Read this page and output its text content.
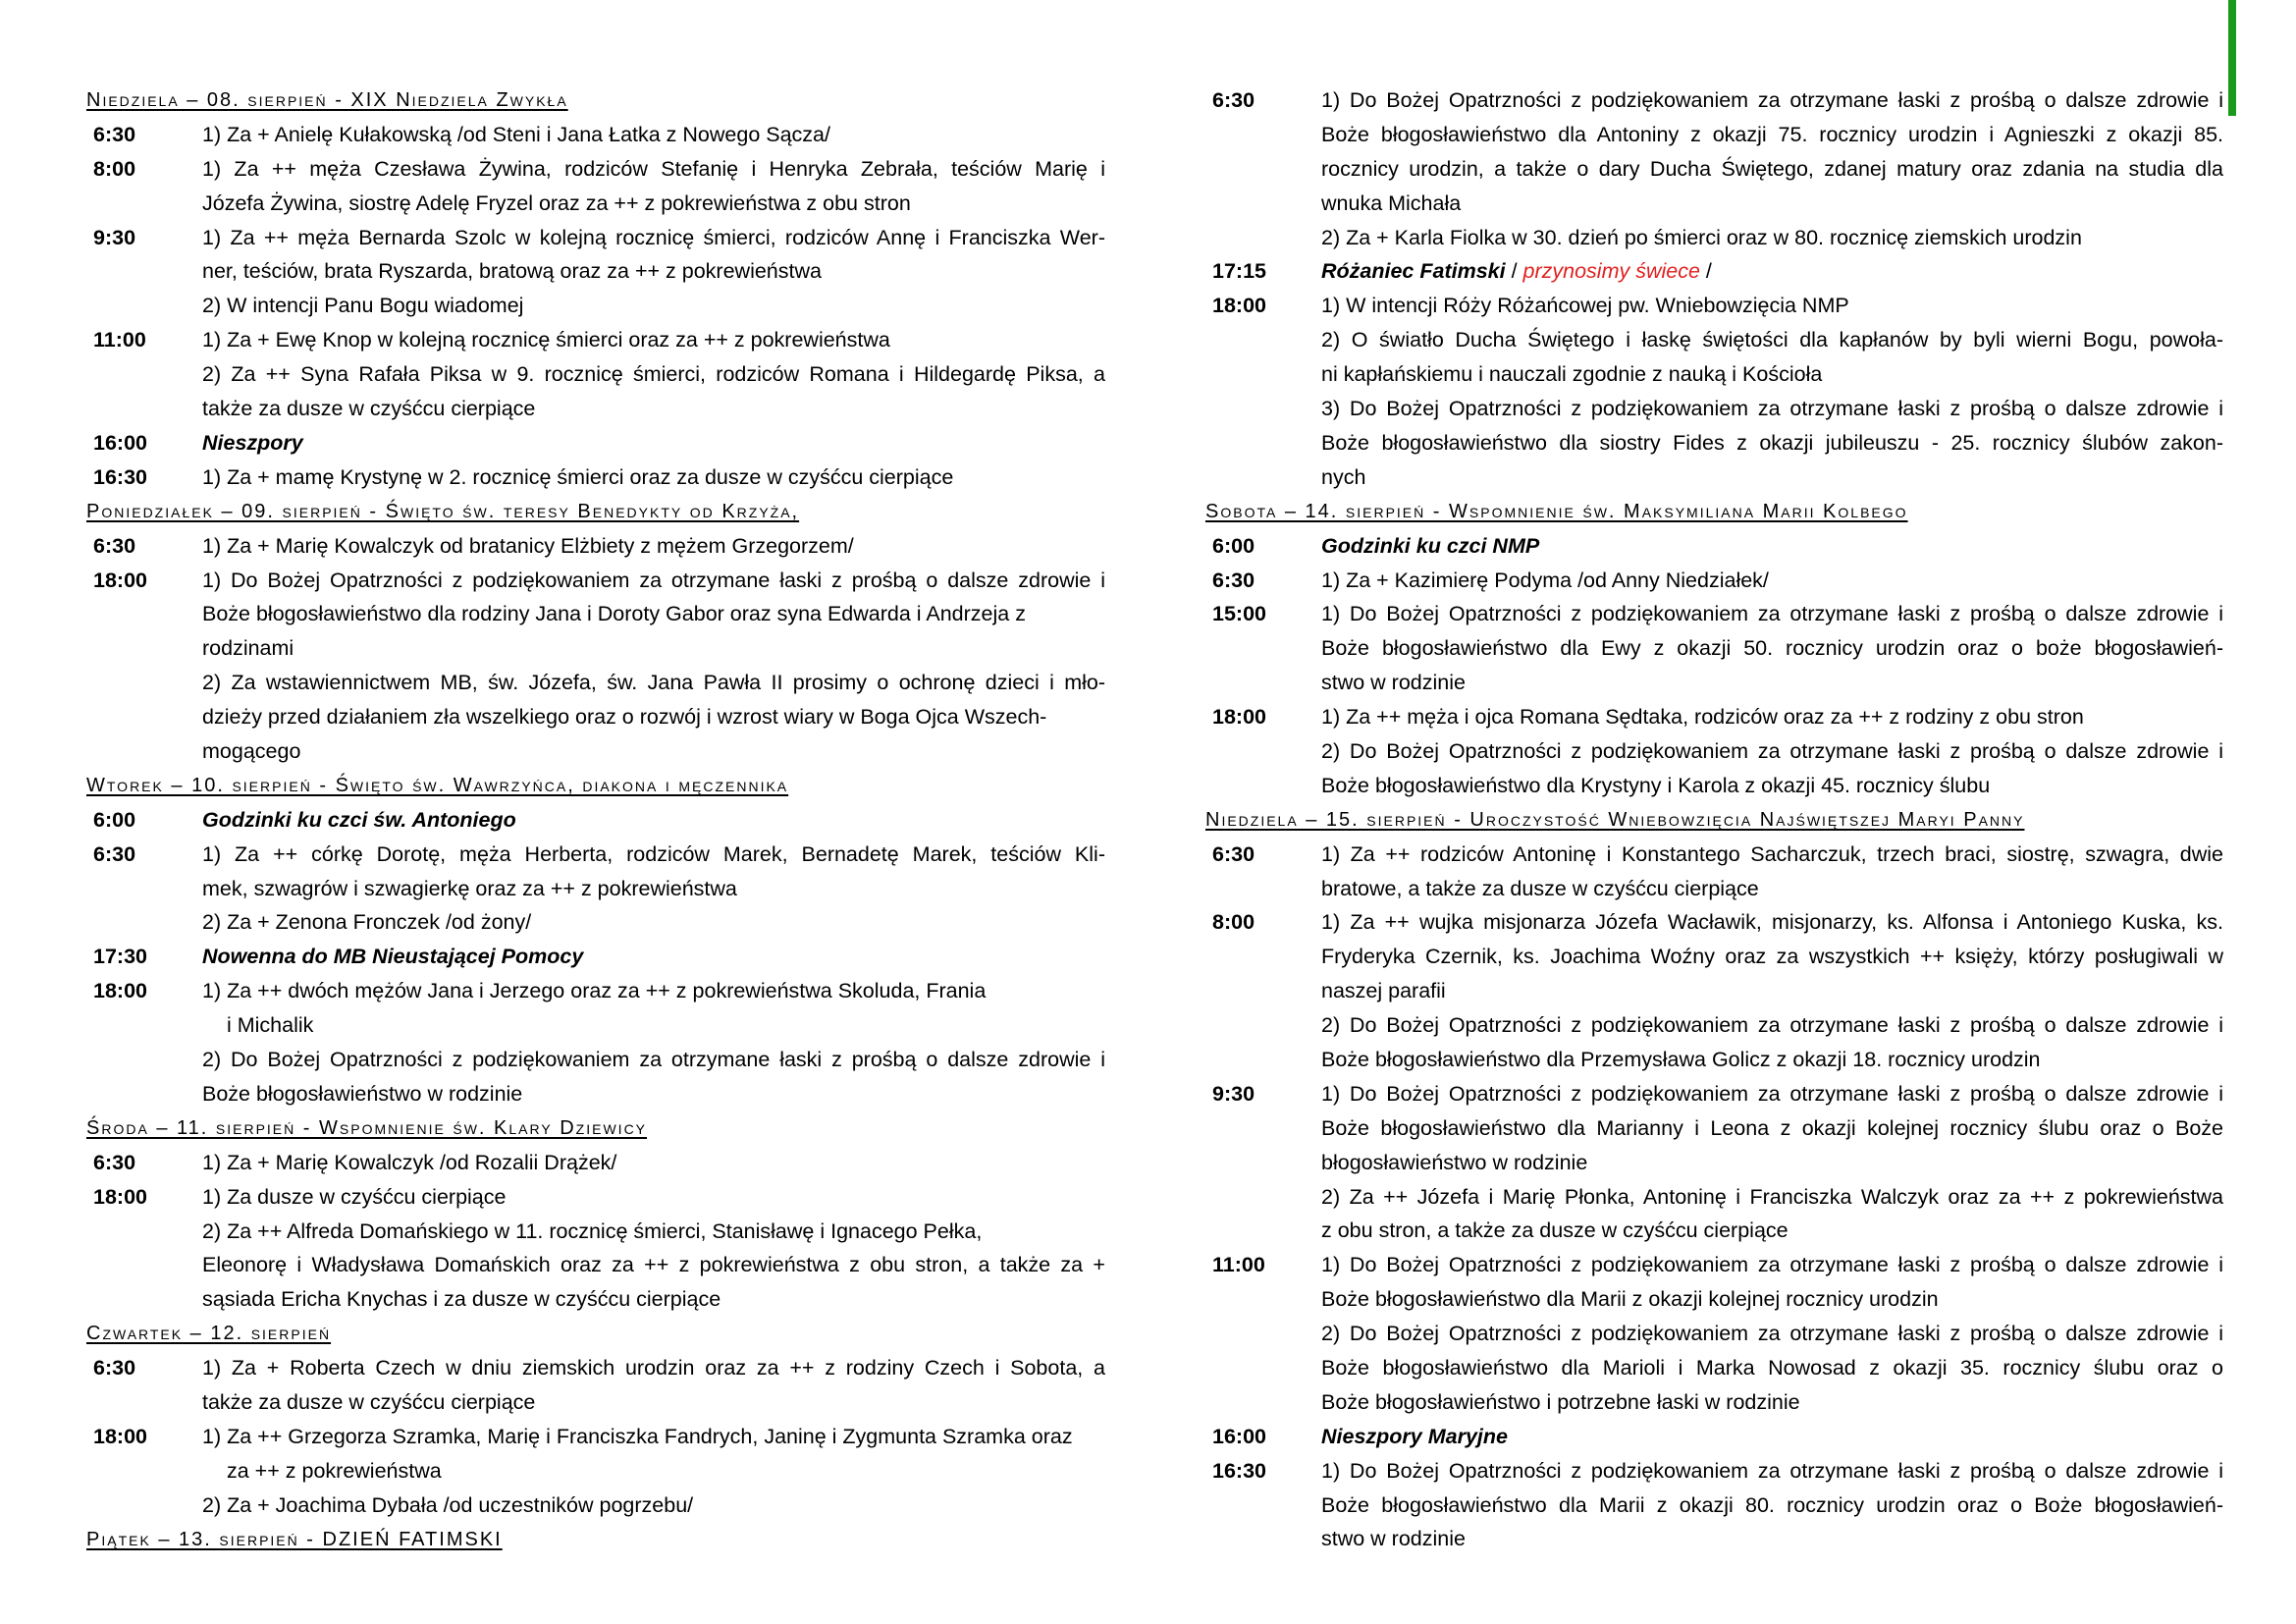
Niedziela – 08. sierpień - XIX Niedziela Zwykła
6:30	1) Za + Anielę Kułakowską /od Steni i Jana Łatka z Nowego Sącza/
8:00	1) Za ++ męża Czesława Żywina, rodziców Stefanię i Henryka Zebrała, teściów Marię i
Józefa Żywina, siostrę Adelę Fryzel oraz za ++ z pokrewieństwa z obu stron
9:30	1) Za ++ męża Bernarda Szolc w kolejną rocznicę śmierci, rodziców Annę i Franciszka Wer-
ner, teściów, brata Ryszarda, bratową oraz za ++ z pokrewieństwa
2) W intencji Panu Bogu wiadomej
11:00	1) Za + Ewę Knop w kolejną rocznicę śmierci oraz za ++ z pokrewieństwa
2) Za ++ Syna Rafała Piksa w 9. rocznicę śmierci, rodziców Romana i Hildegardę Piksa, a
także za dusze w czyśćcu cierpiące
16:00	Nieszpory
16:30	1) Za + mamę Krystynę w 2. rocznicę śmierci oraz za dusze w czyśćcu cierpiące
Poniedziałek – 09. sierpień - Święto św. teresy Benedykty od Krzyża,
6:30	1) Za + Marię Kowalczyk od bratanicy Elżbiety z mężem Grzegorzem/
18:00	1) Do Bożej Opatrzności z podziękowaniem za otrzymane łaski z prośbą o dalsze zdrowie i
Boże błogosławieństwo dla rodziny Jana i Doroty Gabor oraz syna Edwarda i Andrzeja z
rodzinami
2) Za wstawiennictwem MB, św. Józefa, św. Jana Pawła II prosimy o ochronę dzieci i mło-
dzieży przed działaniem zła wszelkiego oraz o rozwój i wzrost wiary w Boga Ojca Wszech-
mogącego
Wtorek – 10. sierpień - Święto św. Wawrzyńca, diakona i męczennika
6:00	Godzinki ku czci św. Antoniego
6:30	1) Za ++ córkę Dorotę, męża Herberta, rodziców Marek, Bernadetę Marek, teściów Kli-
mek, szwagrów i szwagierkę oraz za ++ z pokrewieństwa
2) Za + Zenona Fronczek /od żony/
17:30	Nowenna do MB Nieustającej Pomocy
18:00	1) Za ++ dwóch mężów Jana i Jerzego oraz za ++ z pokrewieństwa Skoluda, Frania
i Michalik
2) Do Bożej Opatrzności z podziękowaniem za otrzymane łaski z prośbą o dalsze zdrowie i
Boże błogosławieństwo w rodzinie
Środa – 11. sierpień - Wspomnienie św. Klary Dziewicy
6:30	1) Za + Marię Kowalczyk /od Rozalii Drążek/
18:00	1) Za dusze w czyśćcu cierpiące
2) Za ++ Alfreda Domańskiego w 11. rocznicę śmierci, Stanisławę i Ignacego Pełka,
Eleonorę i Władysława Domańskich oraz za ++ z pokrewieństwa z obu stron, a także za +
sąsiada Ericha Knychas i za dusze w czyśćcu cierpiące
Czwartek – 12. sierpień
6:30	1) Za + Roberta Czech w dniu ziemskich urodzin oraz za ++ z rodziny Czech i Sobota, a
także za dusze w czyśćcu cierpiące
18:00	1) Za ++ Grzegorza Szramka, Marię i Franciszka Fandrych, Janinę i Zygmunta Szramka oraz
za ++ z pokrewieństwa
2) Za + Joachima Dybała /od uczestników pogrzebu/
Piątek – 13. sierpień - DZIEŃ FATIMSKI
6:30	1) Do Bożej Opatrzności z podziękowaniem za otrzymane łaski z prośbą o dalsze zdrowie i
Boże błogosławieństwo dla Antoniny z okazji 75. rocznicy urodzin i Agnieszki z okazji 85.
rocznicy urodzin, a także o dary Ducha Świętego, zdanej matury oraz zdania na studia dla
wnuka Michała
2) Za + Karla Fiolka w 30. dzień po śmierci oraz w 80. rocznicę ziemskich urodzin
17:15	Różaniec Fatimski / przynosimy świece /
18:00	1) W intencji Róży Różańcowej pw. Wniebowzięcia NMP
2) O światło Ducha Świętego i łaskę świętości dla kapłanów by byli wierni Bogu, powoła-
ni kapłańskiemu i nauczali zgodnie z nauką i Kościoła
3) Do Bożej Opatrzności z podziękowaniem za otrzymane łaski z prośbą o dalsze zdrowie i
Boże błogosławieństwo dla siostry Fides z okazji jubileuszu - 25. rocznicy ślubów zakon-
nych
Sobota – 14. sierpień - Wspomnienie św. Maksymiliana Marii Kolbego
6:00	Godzinki ku czci NMP
6:30	1) Za + Kazimierę Podyma /od Anny Niedziałek/
15:00	1) Do Bożej Opatrzności z podziękowaniem za otrzymane łaski z prośbą o dalsze zdrowie i
Boże błogosławieństwo dla Ewy z okazji 50. rocznicy urodzin oraz o boże błogosławień-
stwo w rodzinie
18:00	1) Za ++ męża i ojca Romana Sędtaka, rodziców oraz za ++ z rodziny z obu stron
2) Do Bożej Opatrzności z podziękowaniem za otrzymane łaski z prośbą o dalsze zdrowie i
Boże błogosławieństwo dla Krystyny i Karola z okazji 45. rocznicy ślubu
Niedziela – 15. sierpień - Uroczystość Wniebowzięcia Najświętszej Maryi Panny
6:30	1) Za ++ rodziców Antoninę i Konstantego Sacharczuk, trzech braci, siostrę, szwagra, dwie
bratowe, a także za dusze w czyśćcu cierpiące
8:00	1) Za ++ wujka misjonarza Józefa Wacławik, misjonarzy, ks. Alfonsa i Antoniego Kuska, ks.
Fryderyka Czernik, ks. Joachima Woźny oraz za wszystkich ++ księży, którzy posługiwali w
naszej parafii
2) Do Bożej Opatrzności z podziękowaniem za otrzymane łaski z prośbą o dalsze zdrowie i
Boże błogosławieństwo dla Przemysława Golicz z okazji 18. rocznicy urodzin
9:30	1) Do Bożej Opatrzności z podziękowaniem za otrzymane łaski z prośbą o dalsze zdrowie i
Boże błogosławieństwo dla Marianny i Leona z okazji kolejnej rocznicy ślubu oraz o Boże
błogosławieństwo w rodzinie
2) Za ++ Józefa i Marię Płonka, Antoninę i Franciszka Walczyk oraz za ++ z pokrewieństwa
z obu stron, a także za dusze w czyśćcu cierpiące
11:00	1) Do Bożej Opatrzności z podziękowaniem za otrzymane łaski z prośbą o dalsze zdrowie i
Boże błogosławieństwo dla Marii z okazji kolejnej rocznicy urodzin
2) Do Bożej Opatrzności z podziękowaniem za otrzymane łaski z prośbą o dalsze zdrowie i
Boże błogosławieństwo dla Marioli i Marka Nowosad z okazji 35. rocznicy ślubu oraz o
Boże błogosławieństwo i potrzebne łaski w rodzinie
16:00	Nieszpory Maryjne
16:30	1) Do Bożej Opatrzności z podziękowaniem za otrzymane łaski z prośbą o dalsze zdrowie i
Boże błogosławieństwo dla Marii z okazji 80. rocznicy urodzin oraz o Boże błogosławień-
stwo w rodzinie
